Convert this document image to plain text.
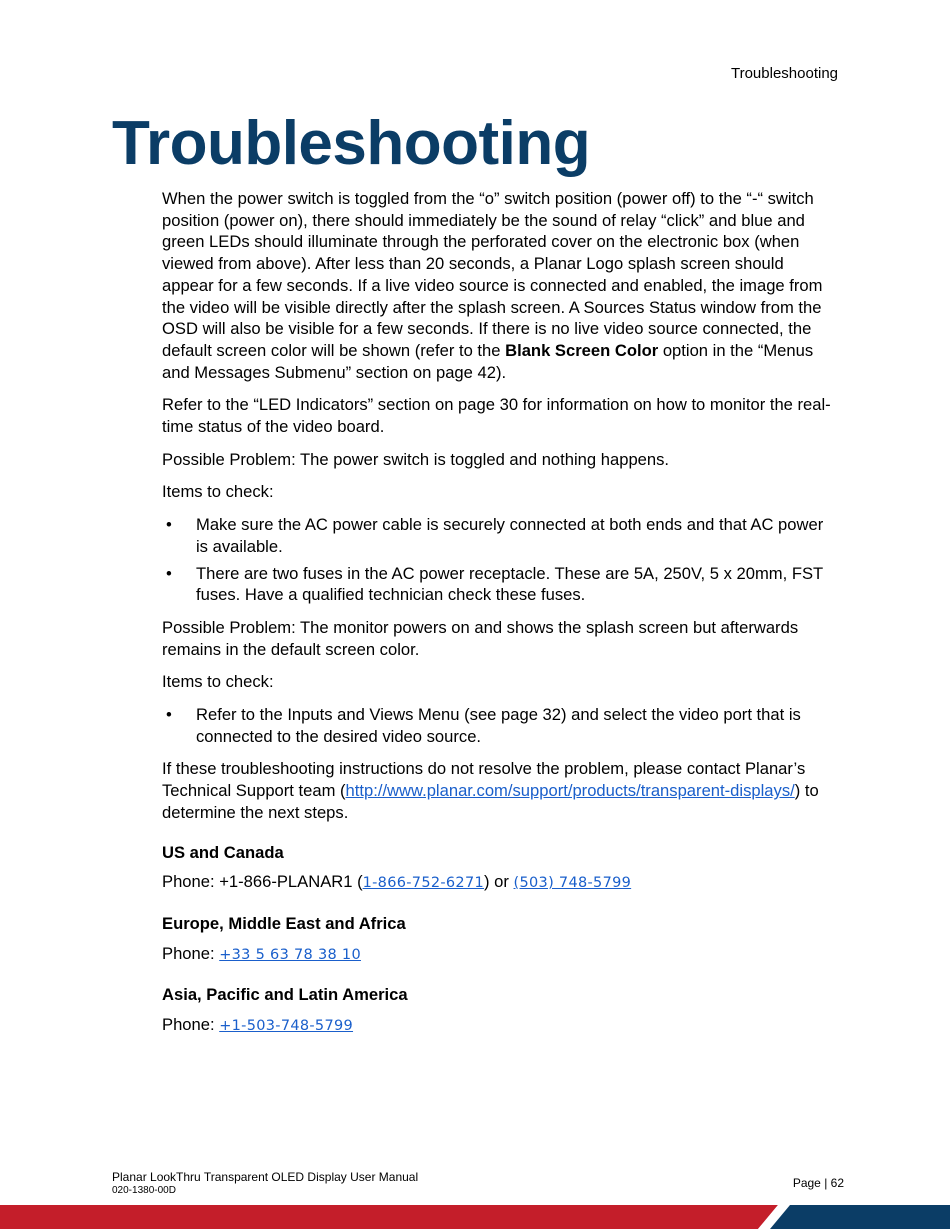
Troubleshooting
Troubleshooting

When the power switch is toggled from the “o” switch position (power off) to the “-“ switch position (power on), there should immediately be the sound of relay “click” and blue and green LEDs should illuminate through the perforated cover on the electronic box (when viewed from above). After less than 20 seconds, a Planar Logo splash screen should appear for a few seconds. If a live video source is connected and enabled, the image from the video will be visible directly after the splash screen. A Sources Status window from the OSD will also be visible for a few seconds. If there is no live video source connected, the default screen color will be shown (refer to the Blank Screen Color option in the “Menus and Messages Submenu” section on page 42).

Refer to the “LED Indicators” section on page 30 for information on how to monitor the real-time status of the video board.

Possible Problem: The power switch is toggled and nothing happens.

Items to check:

• Make sure the AC power cable is securely connected at both ends and that AC power is available.
• There are two fuses in the AC power receptacle. These are 5A, 250V, 5 x 20mm, FST fuses. Have a qualified technician check these fuses.

Possible Problem: The monitor powers on and shows the splash screen but afterwards remains in the default screen color.

Items to check:

• Refer to the Inputs and Views Menu (see page 32) and select the video port that is connected to the desired video source.

If these troubleshooting instructions do not resolve the problem, please contact Planar’s Technical Support team (http://www.planar.com/support/products/transparent-displays/) to determine the next steps.

US and Canada

Phone: +1-866-PLANAR1 (1-866-752-6271) or (503) 748-5799

Europe, Middle East and Africa

Phone: +33 5 63 78 38 10

Asia, Pacific and Latin America

Phone: +1-503-748-5799

Planar LookThru Transparent OLED Display User Manual
020-1380-00D
Page | 62
